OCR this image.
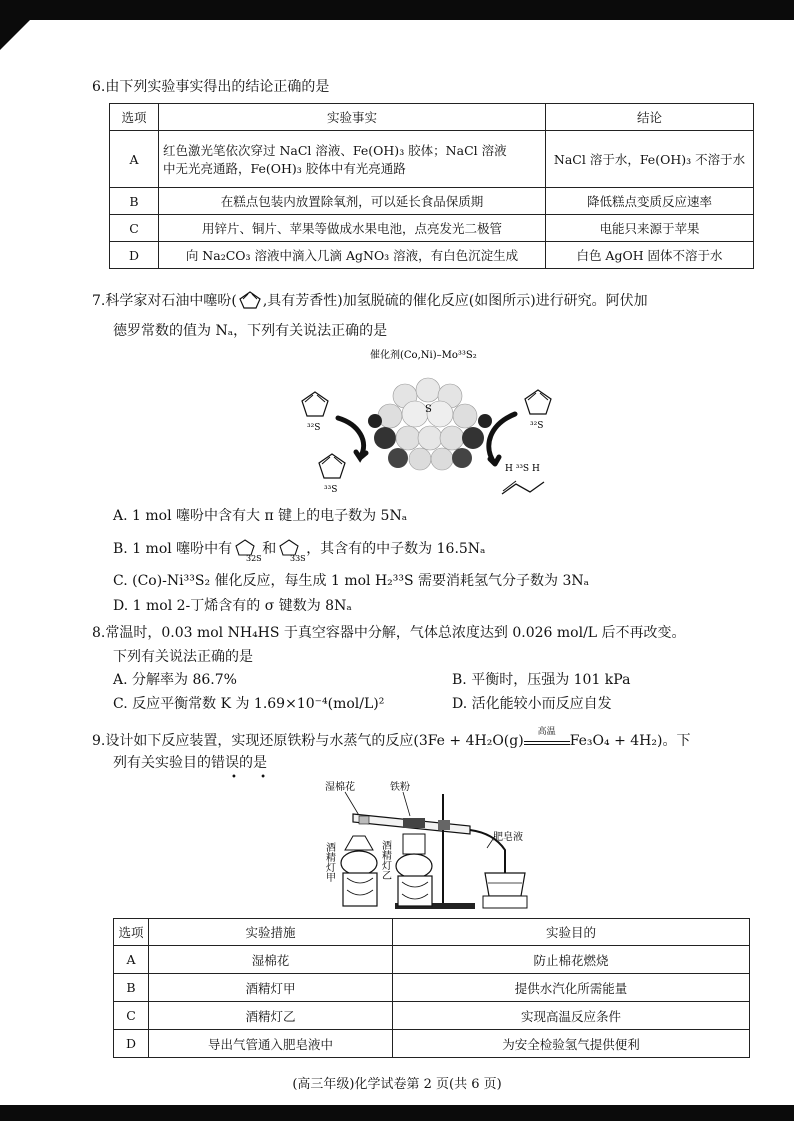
6.由下列实验事实得出的结论正确的是
选项	实验事实	结论
A	红色激光笔依次穿过 NaCl 溶液、Fe(OH)₃ 胶体；NaCl 溶液
中无光亮通路，Fe(OH)₃ 胶体中有光亮通路	NaCl 溶于水，Fe(OH)₃ 不溶于水
B	在糕点包装内放置除氧剂，可以延长食品保质期	降低糕点变质反应速率
C	用锌片、铜片、苹果等做成水果电池，点亮发光二极管	电能只来源于苹果
D	向 Na₂CO₃ 溶液中滴入几滴 AgNO₃ 溶液，有白色沉淀生成	白色 AgOH 固体不溶于水
7.科学家对石油中噻吩( ,具有芳香性)加氢脱硫的催化反应(如图所示)进行研究。阿伏加
德罗常数的值为 Nₐ，下列有关说法正确的是
催化剂(Co,Ni)–Mo³³S₂
S
³²S
³³S
³²S
H ³³S H
A. 1 mol 噻吩中含有大 π 键上的电子数为 5Nₐ
B. 1 mol 噻吩中有
32S
和
33S
，其含有的中子数为 16.5Nₐ
C. (Co)-Ni³³S₂ 催化反应，每生成 1 mol H₂³³S 需要消耗氢气分子数为 3Nₐ
D. 1 mol 2-丁烯含有的 σ 键数为 8Nₐ
8.常温时，0.03 mol NH₄HS 于真空容器中分解，气体总浓度达到 0.026 mol/L 后不再改变。
下列有关说法正确的是
A. 分解率为 86.7%	B. 平衡时，压强为 101 kPa
C. 反应平衡常数 K 为 1.69×10⁻⁴(mol/L)²	D. 活化能较小而反应自发
9.设计如下反应装置，实现还原铁粉与水蒸气的反应(3Fe + 4H₂O(g)
高温
Fe₃O₄ + 4H₂)。下
列有关实验目的错误的是
• •
湿棉花	铁粉
肥皂液
酒精灯甲	酒精灯乙
选项	实验措施	实验目的
A	湿棉花	防止棉花燃烧
B	酒精灯甲	提供水汽化所需能量
C	酒精灯乙	实现高温反应条件
D	导出气管通入肥皂液中	为安全检验氢气提供便利
(高三年级)化学试卷第 2 页(共 6 页)
